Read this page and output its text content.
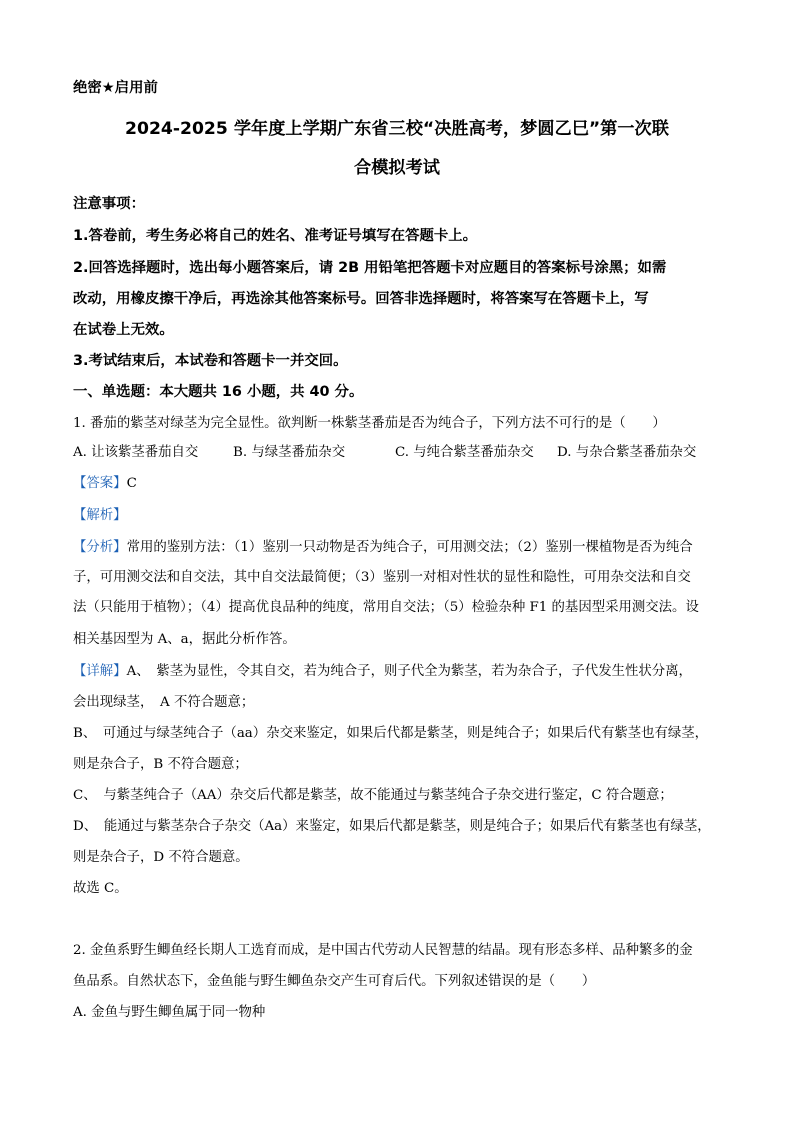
绝密★启用前
2024-2025 学年度上学期广东省三校“决胜高考，梦圆乙巳”第一次联
合模拟考试
注意事项：
1.答卷前，考生务必将自己的姓名、准考证号填写在答题卡上。
2.回答选择题时，选出每小题答案后，请 2B 用铅笔把答题卡对应题目的答案标号涂黑；如需
改动，用橡皮擦干净后，再选涂其他答案标号。回答非选择题时，将答案写在答题卡上，写
在试卷上无效。
3.考试结束后，本试卷和答题卡一并交回。
一、单选题：本大题共 16 小题，共 40 分。
1. 番茄的紫茎对绿茎为完全显性。欲判断一株紫茎番茄是否为纯合子，下列方法不可行的是（　　）
A. 让该紫茎番茄自交	B. 与绿茎番茄杂交	C. 与纯合紫茎番茄杂交 D. 与杂合紫茎番茄杂交
【答案】C
【解析】
【分析】常用的鉴别方法：（1）鉴别一只动物是否为纯合子，可用测交法；（2）鉴别一棵植物是否为纯合
子，可用测交法和自交法，其中自交法最简便；（3）鉴别一对相对性状的显性和隐性，可用杂交法和自交
法（只能用于植物）；（4）提高优良品种的纯度，常用自交法；（5）检验杂种 F1 的基因型采用测交法。设
相关基因型为 A、a，据此分析作答。
【详解】A、　紫茎为显性，令其自交，若为纯合子，则子代全为紫茎，若为杂合子，子代发生性状分离，
会出现绿茎，　A 不符合题意；
B、　可通过与绿茎纯合子（aa）杂交来鉴定，如果后代都是紫茎，则是纯合子；如果后代有紫茎也有绿茎，
则是杂合子，B 不符合题意；
C、　与紫茎纯合子（AA）杂交后代都是紫茎，故不能通过与紫茎纯合子杂交进行鉴定，C 符合题意；
D、　能通过与紫茎杂合子杂交（Aa）来鉴定，如果后代都是紫茎，则是纯合子；如果后代有紫茎也有绿茎，
则是杂合子，D 不符合题意。
故选 C。
2. 金鱼系野生鲫鱼经长期人工选育而成，是中国古代劳动人民智慧的结晶。现有形态多样、品种繁多的金
鱼品系。自然状态下，金鱼能与野生鲫鱼杂交产生可育后代。下列叙述错误的是（　　）
A. 金鱼与野生鲫鱼属于同一物种
